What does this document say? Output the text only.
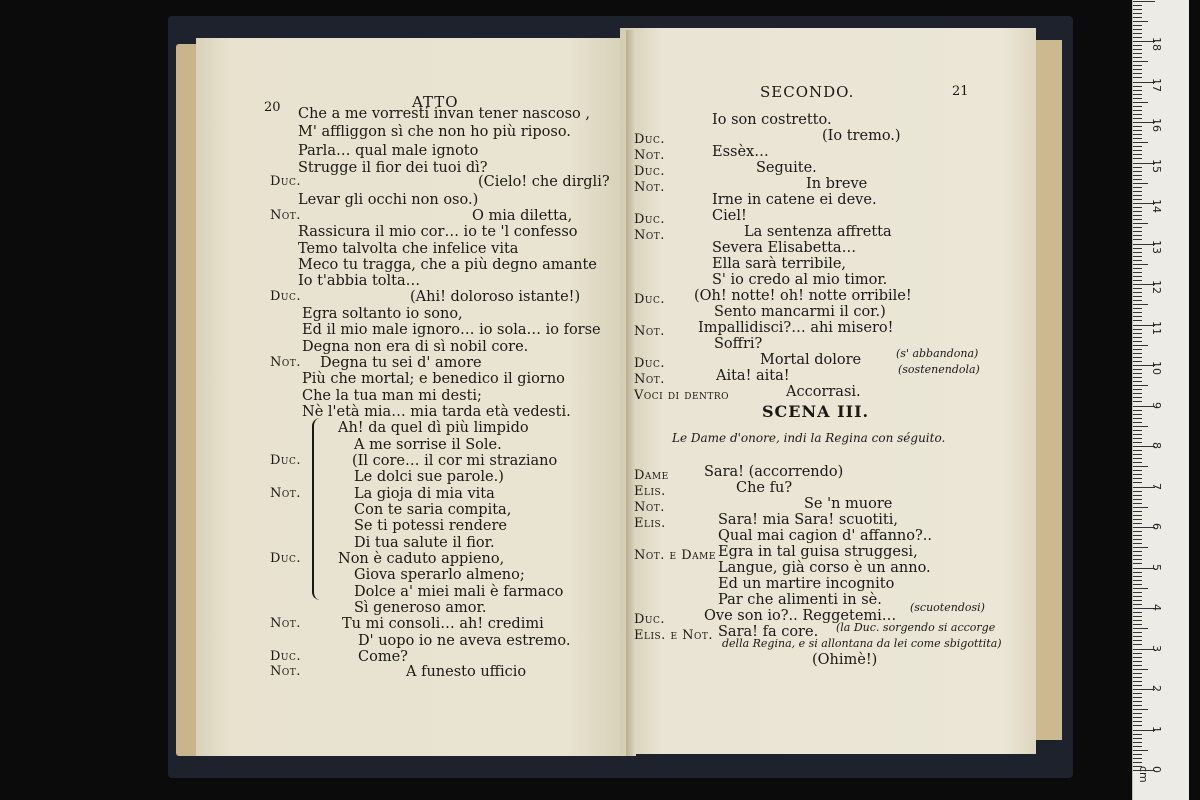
20	ATTO
Che a me vorresti invan tener nascoso ,
M' affliggon sì che non ho più riposo.
Parla… qual male ignoto
Strugge il fior dei tuoi dì?
Duc.	(Cielo! che dirgli?
Levar gli occhi non oso.)
Not.	O mia diletta,
Rassicura il mio cor… io te 'l confesso
Temo talvolta che infelice vita
Meco tu tragga, che a più degno amante
Io t'abbia tolta…
Duc.	(Ahi! doloroso istante!)
Egra soltanto io sono,
Ed il mio male ignoro… io sola… io forse
Degna non era di sì nobil core.
Not. Degna tu sei d' amore
Più che mortal; e benedico il giorno
Che la tua man mi desti;
Nè l'età mia… mia tarda età vedesti.
Ah! da quel dì più limpido
A me sorrise il Sole.
Duc.	(Il core… il cor mi straziano
Le dolci sue parole.)
Not.	La gioja di mia vita
Con te saria compita,
Se ti potessi rendere
Di tua salute il fior.
Duc.	Non è caduto appieno,
Giova sperarlo almeno;
Dolce a' miei mali è farmaco
Sì generoso amor.
Not.	Tu mi consoli… ah! credimi
D' uopo io ne aveva estremo.
Duc.	Come?
Not.	A funesto ufficio
SECONDO.	21
Io son costretto.
Duc.	(Io tremo.)
Not.	Essèx…
Duc.	Seguite.
Not.	In breve
Irne in catene ei deve.
Duc.	Ciel!
Not.	La sentenza affretta
Severa Elisabetta…
Ella sarà terribile,
S' io credo al mio timor.
Duc. (Oh! notte! oh! notte orribile!
Sento mancarmi il cor.)
Not. Impallidisci?… ahi misero!
Soffri?
Duc.	Mortal dolore
Not.	Aita! aita!
Voci di dentro	Accorrasi.
Dame Sara! (accorrendo)
Elis.	Che fu?
Not.	Se 'n muore
Elis.	Sara! mia Sara! scuotiti,
Qual mai cagion d' affanno?..
Not. e Dame Egra in tal guisa struggesi,
Langue, già corso è un anno.
Ed un martire incognito
Par che alimenti in sè.
Duc.	Ove son io?.. Reggetemi…
Elis. e Not. Sara! fa core.
(Ohimè!)
(s' abbandona)
(sostenendola)
(scuotendosi)
(la Duc. sorgendo si accorge
della Regina, e si allontana da lei come sbigottita)
SCENA III.
Le Dame d'onore, indi la Regina con séguito.
0 cm
1
2
3
4
5
6
7
8
9
10
11
12
13
14
15
16
17
18
